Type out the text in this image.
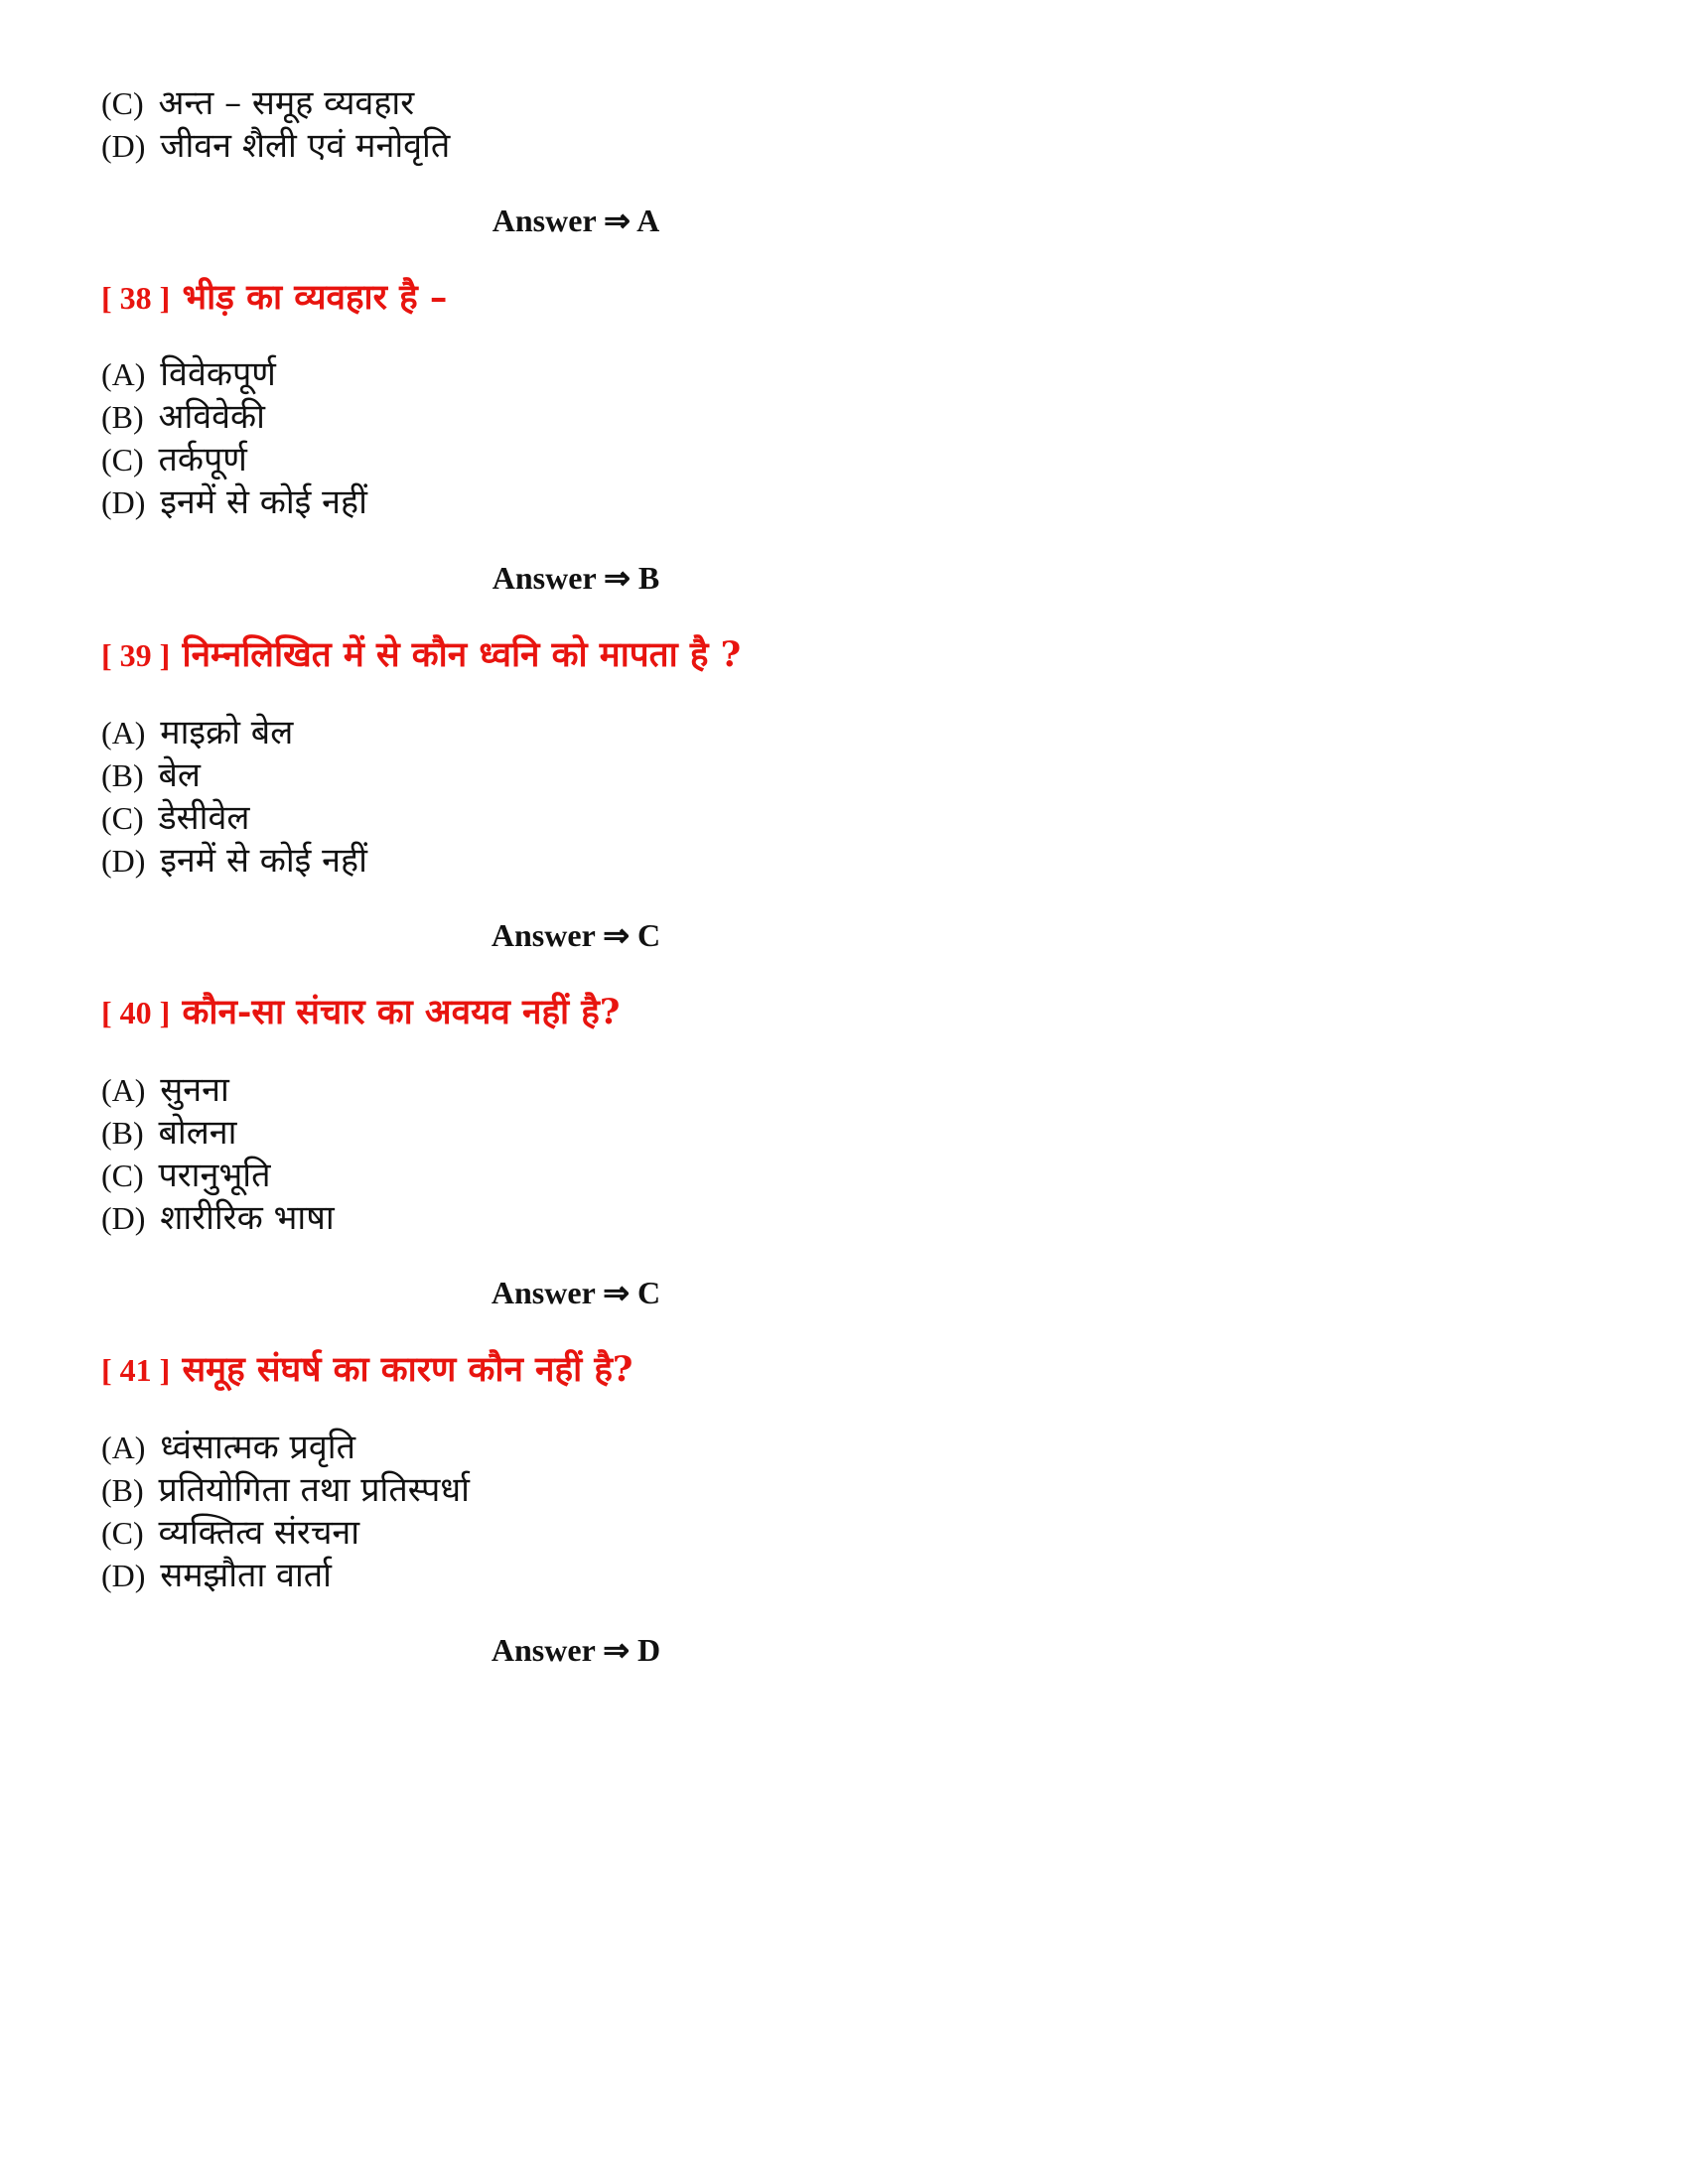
(C) अन्त – समूह व्यवहार
(D) जीवन शैली एवं मनोवृति
Answer ⇒ A
[ 38 ] भीड़ का व्यवहार है –
(A) विवेकपूर्ण
(B) अविवेकी
(C) तर्कपूर्ण
(D) इनमें से कोई नहीं
Answer ⇒ B
[ 39 ] निम्नलिखित में से कौन ध्वनि को मापता है ?
(A) माइक्रो बेल
(B) बेल
(C) डेसीवेल
(D) इनमें से कोई नहीं
Answer ⇒ C
[ 40 ] कौन-सा संचार का अवयव नहीं है?
(A) सुनना
(B) बोलना
(C) परानुभूति
(D) शारीरिक भाषा
Answer ⇒ C
[ 41 ] समूह संघर्ष का कारण कौन नहीं है?
(A) ध्वंसात्मक प्रवृति
(B) प्रतियोगिता तथा प्रतिस्पर्धा
(C) व्यक्तित्व संरचना
(D) समझौता वार्ता
Answer ⇒ D
